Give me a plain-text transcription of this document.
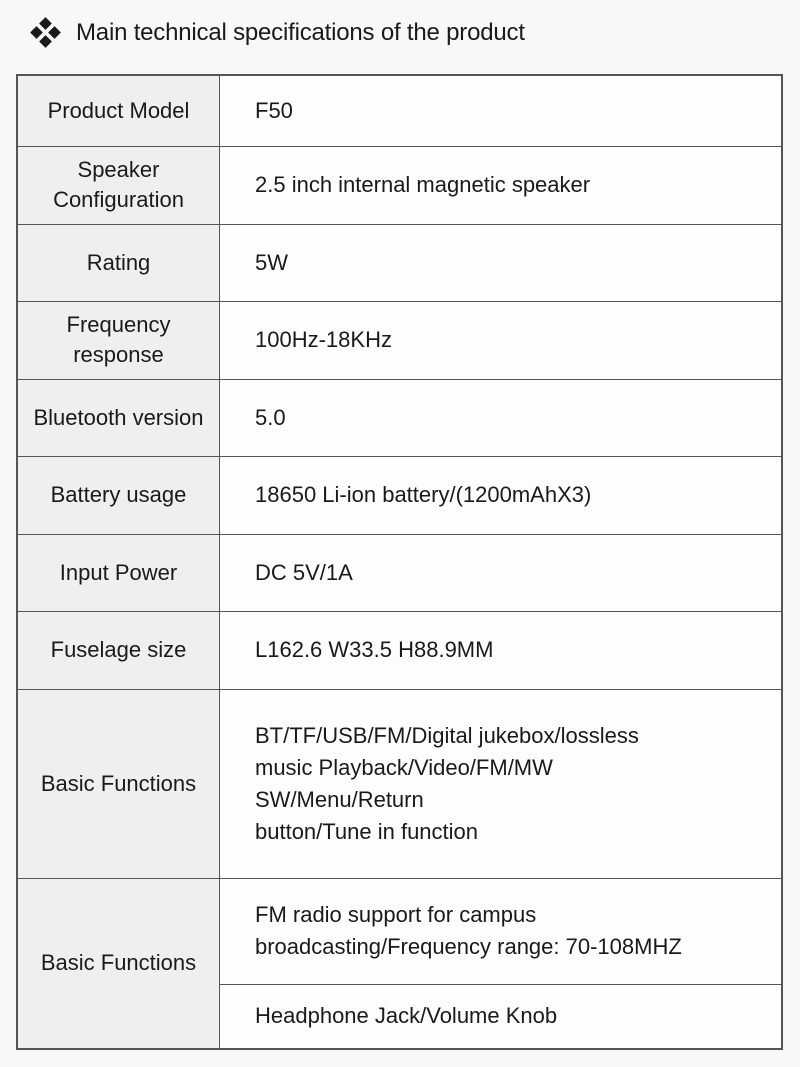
Main technical specifications of the product
Product Model	F50

Speaker
Configuration	2.5 inch internal magnetic speaker
Rating	5W

Frequency
response	100Hz-18KHz
Bluetooth version	5.0
Battery usage	18650 Li-ion battery/(1200mAhX3)
Input Power	DC 5V/1A
Fuselage size	L162.6 W33.5 H88.9MM
Basic Functions	BT/TF/USB/FM/Digital jukebox/lossless
music Playback/Video/FM/MW
SW/Menu/Return
button/Tune in function

Basic Functions	FM radio support for campus
broadcasting/Frequency range: 70-108MHZ

	Headphone Jack/Volume Knob
